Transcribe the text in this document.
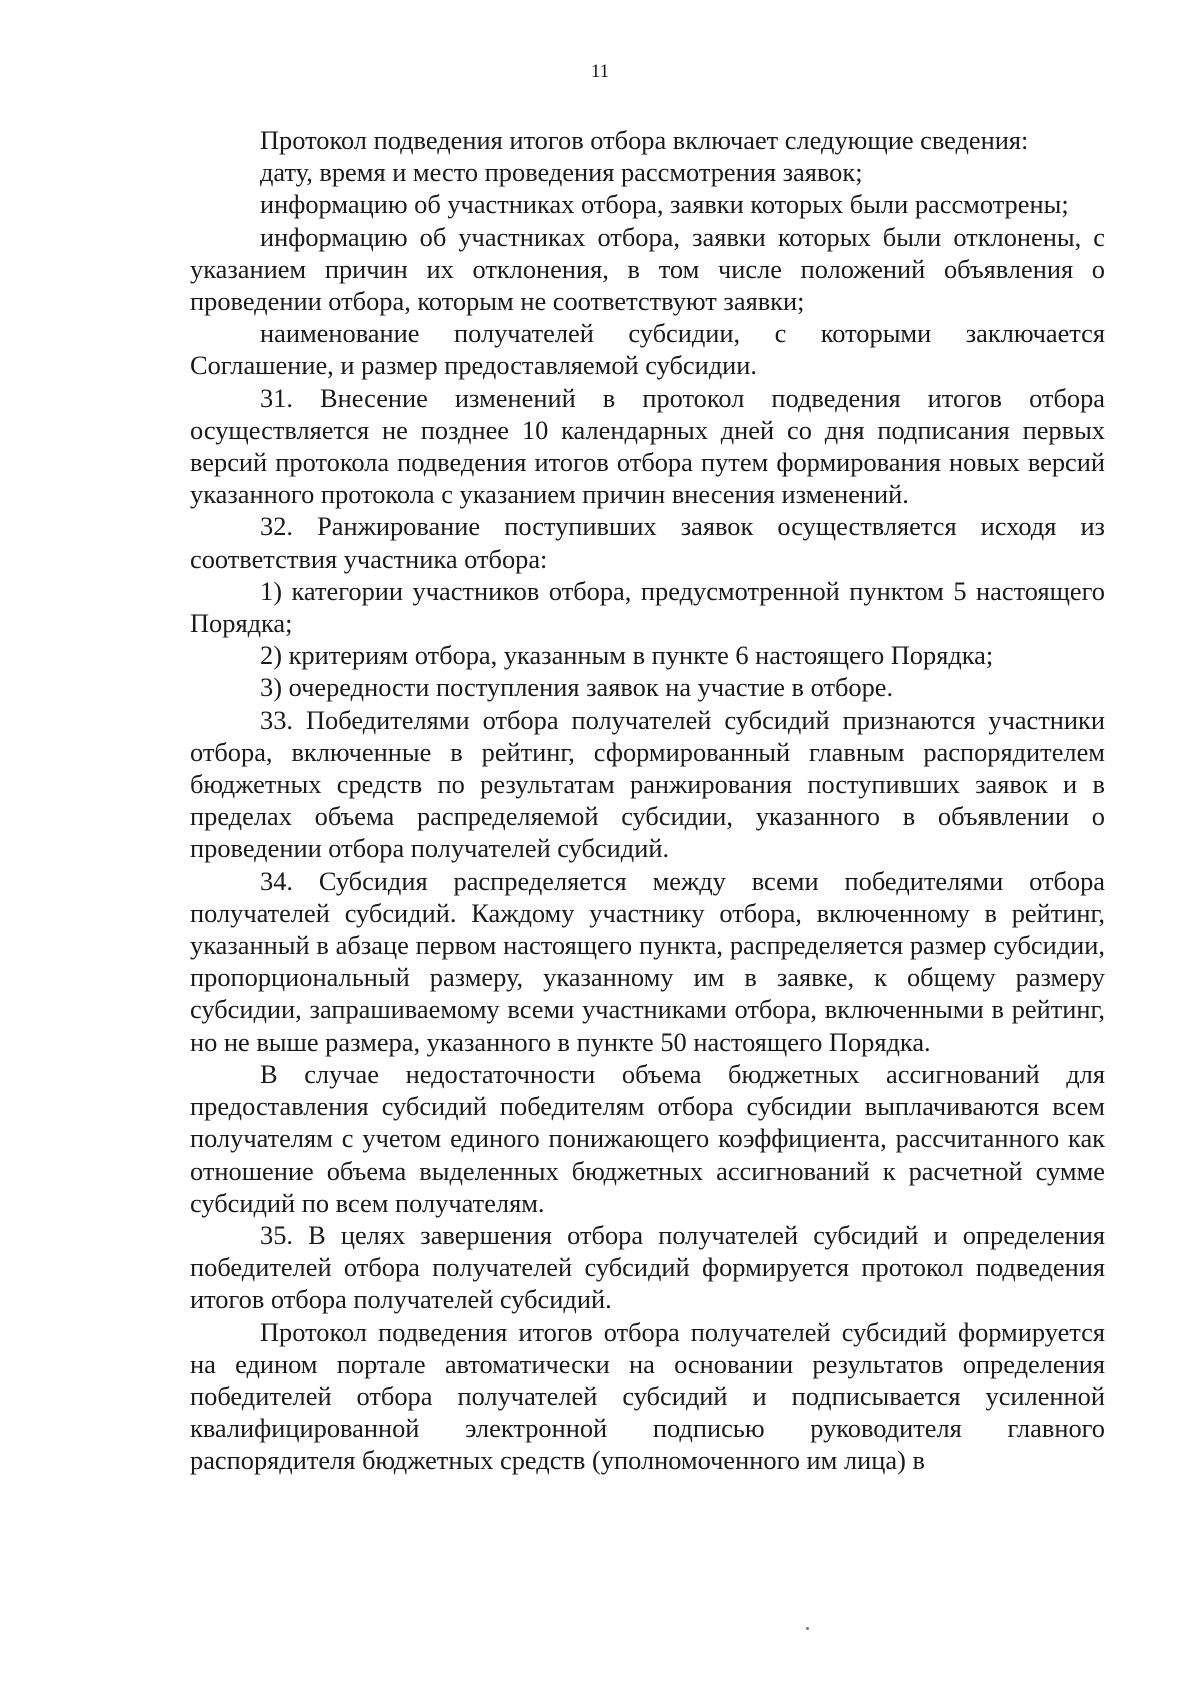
11

Протокол подведения итогов отбора включает следующие сведения:

дату, время и место проведения рассмотрения заявок;

информацию об участниках отбора, заявки которых были рассмотрены;

информацию об участниках отбора, заявки которых были отклонены, с указанием причин их отклонения, в том числе положений объявления о проведении отбора, которым не соответствуют заявки;

наименование получателей субсидии, с которыми заключается Соглашение, и размер предоставляемой субсидии.

31. Внесение изменений в протокол подведения итогов отбора осуществляется не позднее 10 календарных дней со дня подписания первых версий протокола подведения итогов отбора путем формирования новых версий указанного протокола с указанием причин внесения изменений.

32. Ранжирование поступивших заявок осуществляется исходя из соответствия участника отбора:

1) категории участников отбора, предусмотренной пунктом 5 настоящего Порядка;

2) критериям отбора, указанным в пункте 6 настоящего Порядка;

3) очередности поступления заявок на участие в отборе.

33. Победителями отбора получателей субсидий признаются участники отбора, включенные в рейтинг, сформированный главным распорядителем бюджетных средств по результатам ранжирования поступивших заявок и в пределах объема распределяемой субсидии, указанного в объявлении о проведении отбора получателей субсидий.

34. Субсидия распределяется между всеми победителями отбора получателей субсидий. Каждому участнику отбора, включенному в рейтинг, указанный в абзаце первом настоящего пункта, распределяется размер субсидии, пропорциональный размеру, указанному им в заявке, к общему размеру субсидии, запрашиваемому всеми участниками отбора, включенными в рейтинг, но не выше размера, указанного в пункте 50 настоящего Порядка.

В случае недостаточности объема бюджетных ассигнований для предоставления субсидий победителям отбора субсидии выплачиваются всем получателям с учетом единого понижающего коэффициента, рассчитанного как отношение объема выделенных бюджетных ассигнований к расчетной сумме субсидий по всем получателям.

35. В целях завершения отбора получателей субсидий и определения победителей отбора получателей субсидий формируется протокол подведения итогов отбора получателей субсидий.

Протокол подведения итогов отбора получателей субсидий формируется на едином портале автоматически на основании результатов определения победителей отбора получателей субсидий и подписывается усиленной квалифицированной электронной подписью руководителя главного распорядителя бюджетных средств (уполномоченного им лица) в
